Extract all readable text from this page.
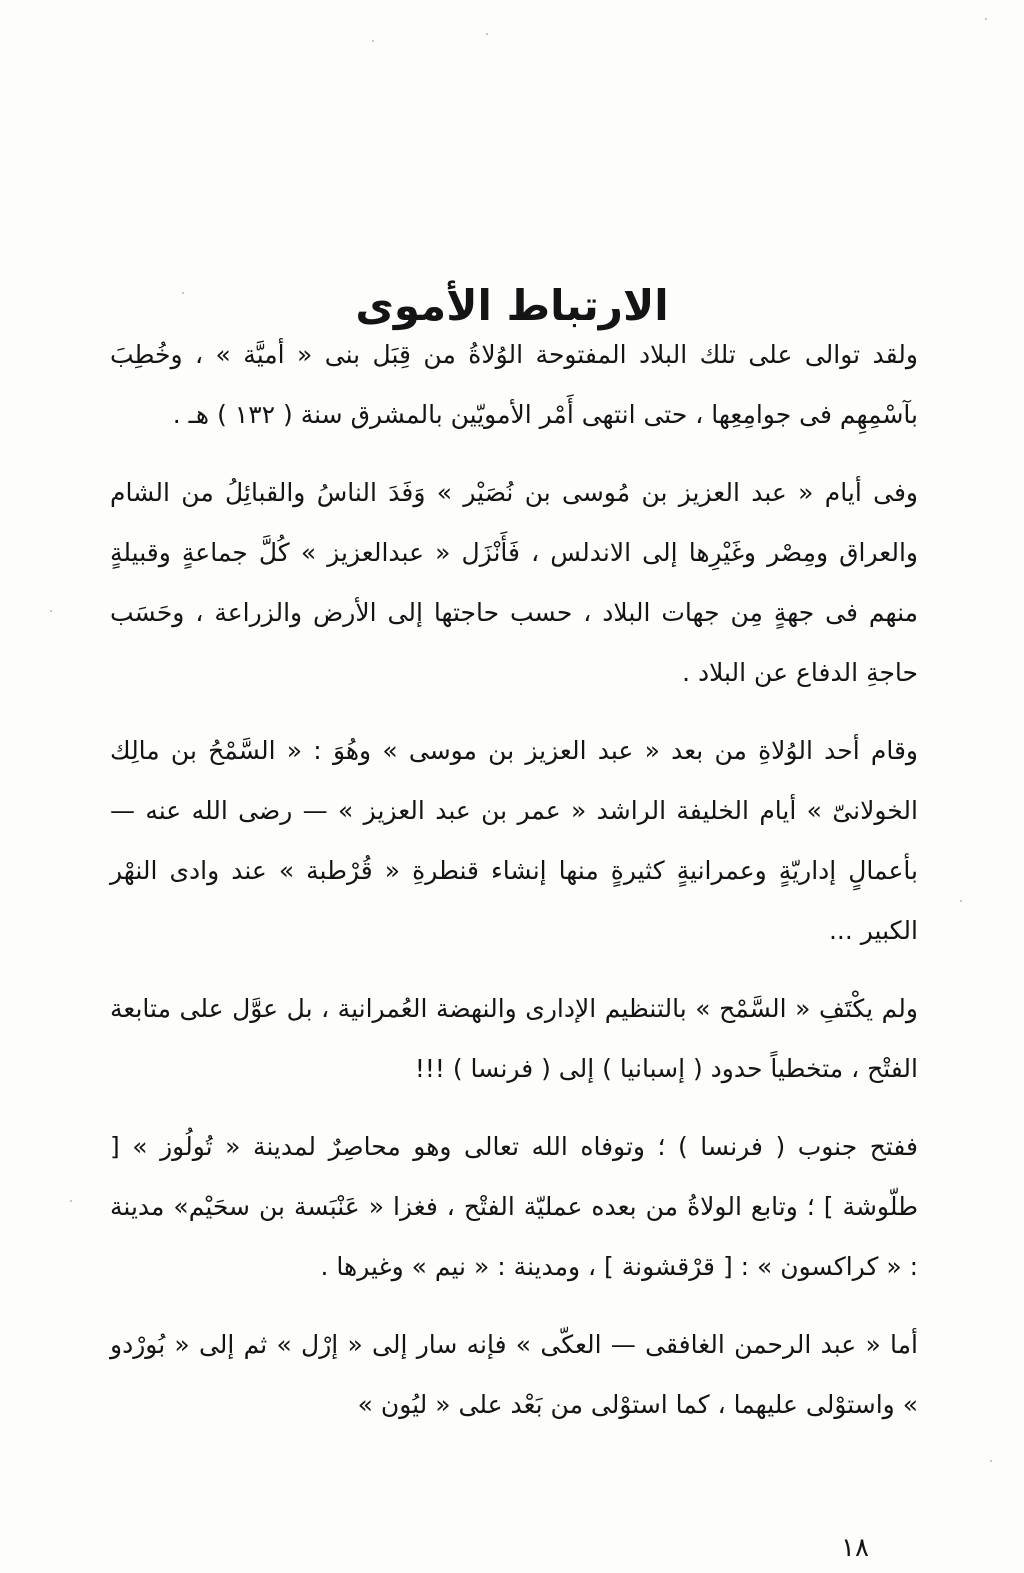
الارتباط الأموى

ولقد توالى على تلك البلاد المفتوحة الوُلاةُ من قِبَل بنى « أميَّة » ، وخُطِبَ بآسْمِهِم فى جوامِعِها ، حتى انتهى أَمْر الأمويّين بالمشرق سنة ( ١٣٢ ) هـ .

وفى أيام « عبد العزيز بن مُوسى بن نُصَيْر » وَفَدَ الناسُ والقبائِلُ من الشام والعراق ومِصْر وغَيْرِها إلى الاندلس ، فَأَنْزَل « عبدالعزيز » كُلَّ جماعةٍ وقبيلةٍ منهم فى جهةٍ مِن جهات البلاد ، حسب حاجتها إلى الأرض والزراعة ، وحَسَب حاجةِ الدفاع عن البلاد .

وقام أحد الوُلاةِ من بعد « عبد العزيز بن موسى » وهُوَ : « السَّمْحُ بن مالِك الخولانىّ » أيام الخليفة الراشد « عمر بن عبد العزيز » — رضى الله عنه — بأعمالٍ إداريّةٍ وعمرانيةٍ كثيرةٍ منها إنشاء قنطرةِ « قُرْطبة » عند وادى النهْر الكبير ...

ولم يكْتَفِ « السَّمْح » بالتنظيم الإدارى والنهضة العُمرانية ، بل عوَّل على متابعة الفتْح ، متخطياً حدود ( إسبانيا ) إلى ( فرنسا ) !!!

ففتح جنوب ( فرنسا ) ؛ وتوفاه الله تعالى وهو محاصِرٌ لمدينة « تُولُوز » [ طلّوشة ] ؛ وتابع الولاةُ من بعده عمليّة الفتْح ، فغزا « عَنْبَسة بن سحَيْم» مدينة : « كراكسون » : [ قرْقشونة ] ، ومدينة : « نيم » وغيرها .

أما « عبد الرحمن الغافقى — العكّى » فإنه سار إلى « إرْل » ثم إلى « بُورْدو » واستوْلى عليهما ، كما استوْلى من بَعْد على « ليُون »

١٨
